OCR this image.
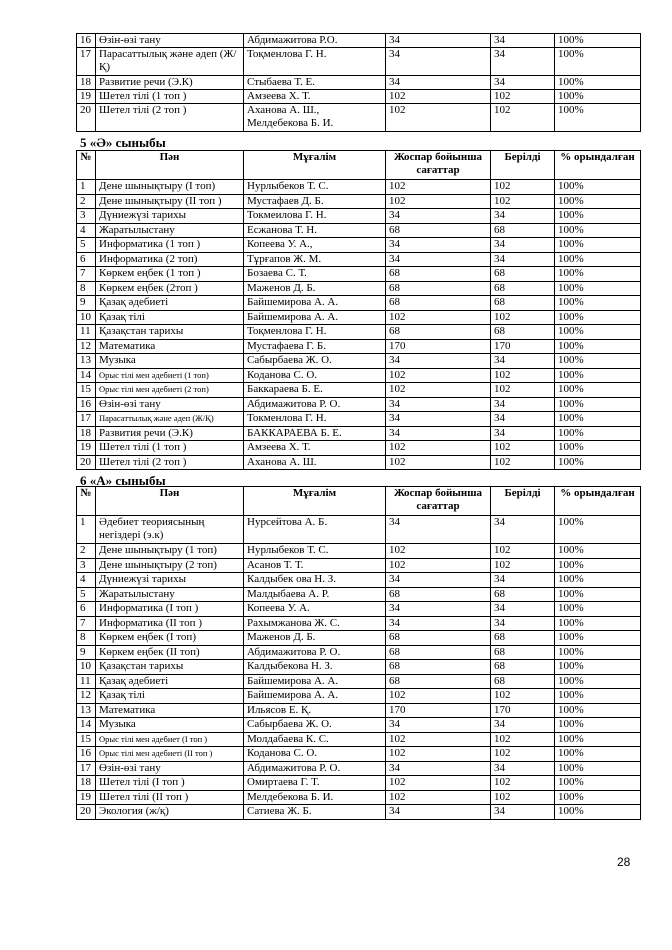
16	Өзін-өзі тану	Абдимажитова Р.О.	34	34	100%
17	Парасаттылық және әдеп (Ж/Қ)	Тоқменлова Г. Н.	34	34	100%
18	Развитие речи (Э.К)	Стыбаева Т. Е.	34	34	100%
19	Шетел тілі (1 топ )	Амзеева Х. Т.	102	102	100%
20	Шетел тілі (2 топ )	Аханова А. Ш., Мелдебекова Б. И.	102	102	100%
5 «Ә» сыныбы
№	Пән	Мұғалім	Жоспар бойынша сағаттар	Берілді	% орындалған
1	Дене шынықтыру (I топ)	Нурлыбеков Т. С.	102	102	100%
2	Дене шынықтыру (II топ )	Мустафаев Д. Б.	102	102	100%
3	Дүниежүзі тарихы	Токмеилова Г. Н.	34	34	100%
4	Жаратылыстану	Есжанова Т. Н.	68	68	100%
5	Информатика (1 топ )	Копеева У. А.,	34	34	100%
6	Информатика (2 топ)	Тұрғапов Ж. М.	34	34	100%
7	Көркем еңбек (1 топ )	Бозаева С. Т.	68	68	100%
8	Көркем еңбек (2топ )	Маженов Д. Б.	68	68	100%
9	Қазақ әдебиеті	Байшемирова А. А.	68	68	100%
10	Қазақ тілі	Байшемирова А. А.	102	102	100%
11	Қазақстан тарихы	Тоқменлова Г. Н.	68	68	100%
12	Математика	Мустафаева Г. Б.	170	170	100%
13	Музыка	Сабырбаева Ж. О.	34	34	100%
14	Орыс тілі мен әдебиеті (1 топ)	Коданова С. О.	102	102	100%
15	Орыс тілі мен әдебиеті (2 топ)	Баккараева Б. Е.	102	102	100%
16	Өзін-өзі тану	Абдимажитова Р. О.	34	34	100%
17	Парасаттылық және әдеп (Ж/Қ)	Токменлова Г. Н.	34	34	100%
18	Развития речи (Э.К)	БАККАРАЕВА Б. Е.	34	34	100%
19	Шетел тілі (1 топ )	Амзеева Х. Т.	102	102	100%
20	Шетел тілі (2 топ )	Аханова А. Ш.	102	102	100%
6 «А» сыныбы
№	Пән	Мұғалім	Жоспар бойынша сағаттар	Берілді	% орындалған
1	Әдебиет теориясының негіздері (э.к)	Нурсейтова А. Б.	34	34	100%
2	Дене шынықтыру (1 топ)	Нурлыбеков Т. С.	102	102	100%
3	Дене шынықтыру (2 топ)	Асанов Т. Т.	102	102	100%
4	Дүниежүзі тарихы	Калдыбек ова Н. З.	34	34	100%
5	Жаратылыстану	Малдыбаева А. Р.	68	68	100%
6	Информатика (І топ )	Копеева У. А.	34	34	100%
7	Информатика (ІІ топ )	Рахымжанова Ж. С.	34	34	100%
8	Көркем еңбек (І топ)	Маженов Д. Б.	68	68	100%
9	Көркем еңбек (ІІ топ)	Абдимажитова Р. О.	68	68	100%
10	Қазақстан тарихы	Калдыбекова Н. З.	68	68	100%
11	Қазақ әдебиеті	Байшемирова А. А.	68	68	100%
12	Қазақ тілі	Байшемирова А. А.	102	102	100%
13	Математика	Ильясов Е. Қ.	170	170	100%
14	Музыка	Сабырбаева Ж. О.	34	34	100%
15	Орыс тілі мен әдебиет (І топ )	Молдабаева К. С.	102	102	100%
16	Орыс тілі мен әдебиеті (ІІ топ )	Коданова С. О.	102	102	100%
17	Өзін-өзі тану	Абдимажитова Р. О.	34	34	100%
18	Шетел тілі (І топ )	Омиртаева Г. Т.	102	102	100%
19	Шетел тілі (ІІ топ )	Мелдебекова Б. И.	102	102	100%
20	Экология (ж/қ)	Сатиева Ж. Б.	34	34	100%
28
